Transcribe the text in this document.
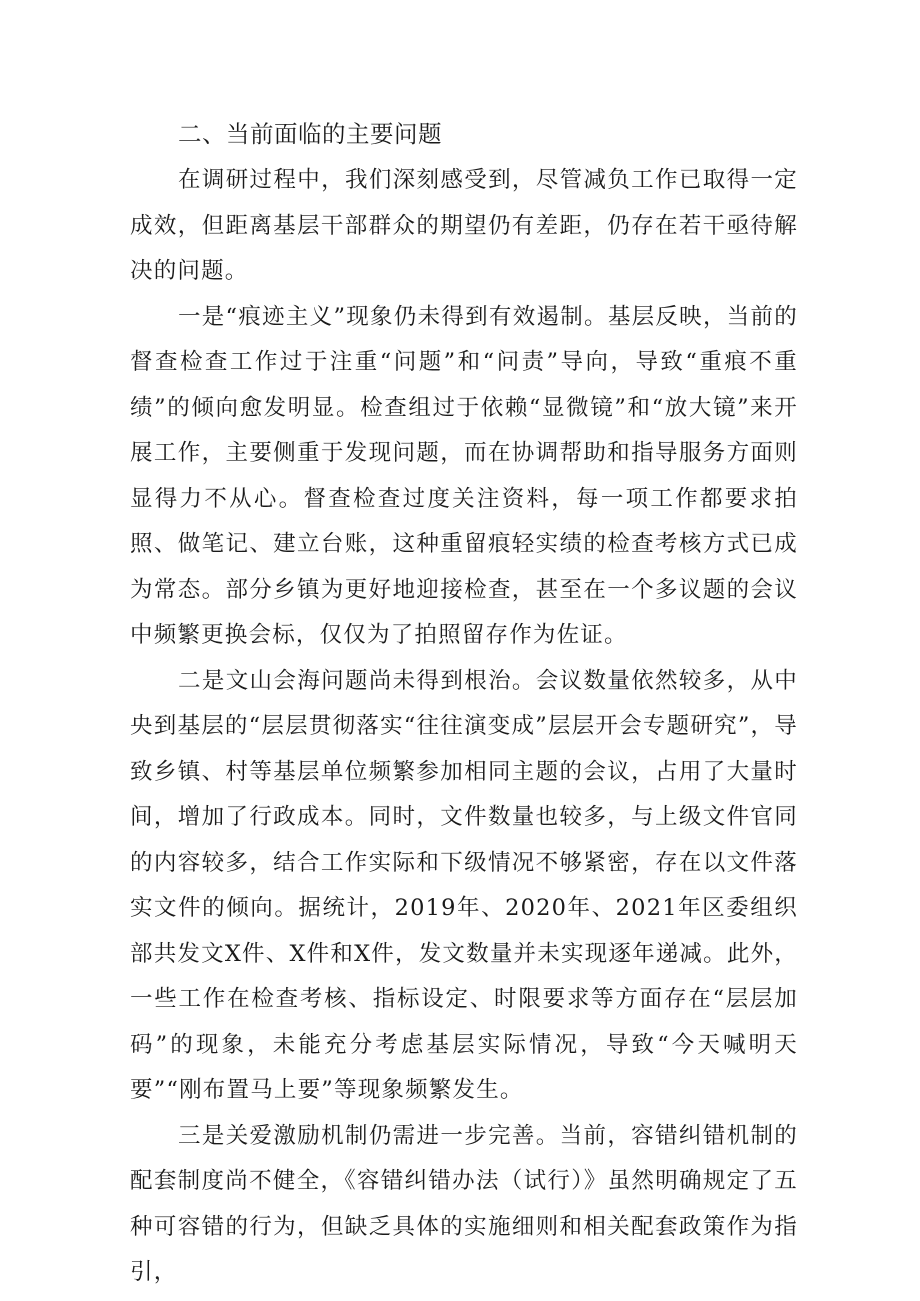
二、当前面临的主要问题

在调研过程中，我们深刻感受到，尽管减负工作已取得一定成效，但距离基层干部群众的期望仍有差距，仍存在若干亟待解决的问题。

一是“痕迹主义”现象仍未得到有效遏制。基层反映，当前的督查检查工作过于注重“问题”和“问责”导向，导致“重痕不重绩”的倾向愈发明显。检查组过于依赖“显微镜”和“放大镜”来开展工作，主要侧重于发现问题，而在协调帮助和指导服务方面则显得力不从心。督查检查过度关注资料，每一项工作都要求拍照、做笔记、建立台账，这种重留痕轻实绩的检查考核方式已成为常态。部分乡镇为更好地迎接检查，甚至在一个多议题的会议中频繁更换会标，仅仅为了拍照留存作为佐证。

二是文山会海问题尚未得到根治。会议数量依然较多，从中央到基层的“层层贯彻落实“往往演变成”层层开会专题研究”，导致乡镇、村等基层单位频繁参加相同主题的会议，占用了大量时间，增加了行政成本。同时，文件数量也较多，与上级文件官同的内容较多，结合工作实际和下级情况不够紧密，存在以文件落实文件的倾向。据统计，2019年、2020年、2021年区委组织部共发文X件、X件和X件，发文数量并未实现逐年递减。此外，一些工作在检查考核、指标设定、时限要求等方面存在“层层加码”的现象，未能充分考虑基层实际情况，导致“今天喊明天要”“刚布置马上要”等现象频繁发生。

三是关爱激励机制仍需进一步完善。当前，容错纠错机制的配套制度尚不健全，《容错纠错办法（试行）》虽然明确规定了五种可容错的行为，但缺乏具体的实施细则和相关配套政策作为指引，
